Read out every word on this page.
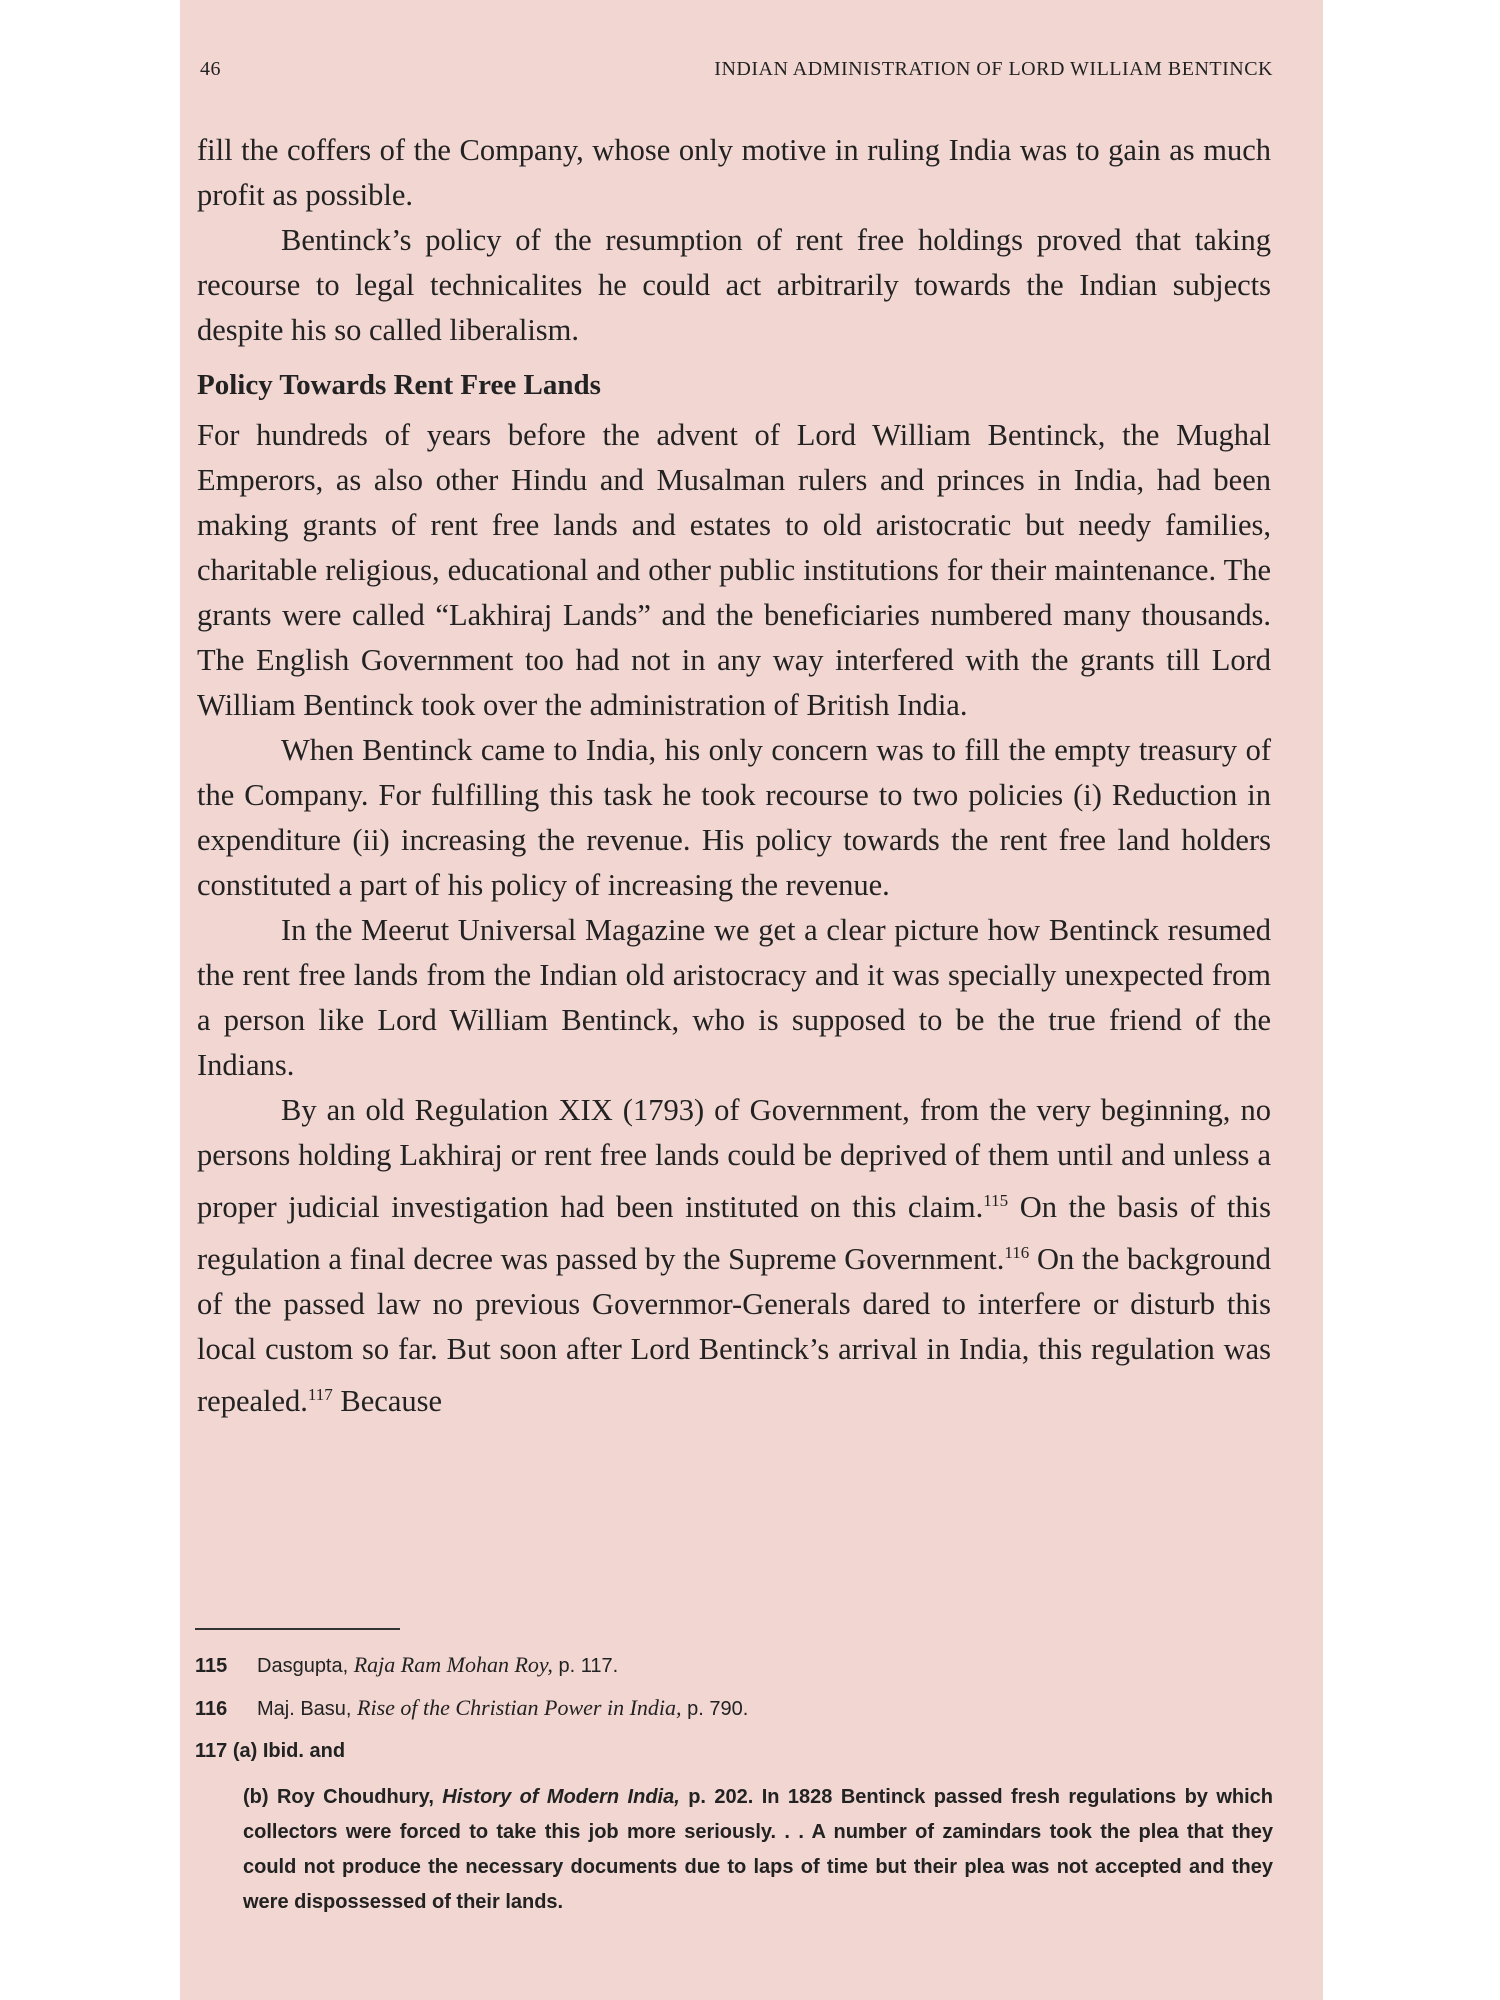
46	INDIAN ADMINISTRATION OF LORD WILLIAM BENTINCK

fill the coffers of the Company, whose only motive in ruling India was to gain as much profit as possible.

Bentinck’s policy of the resumption of rent free holdings proved that taking recourse to legal technicalites he could act arbitrarily towards the Indian subjects despite his so called liberalism.

Policy Towards Rent Free Lands

For hundreds of years before the advent of Lord William Bentinck, the Mughal Emperors, as also other Hindu and Musalman rulers and princes in India, had been making grants of rent free lands and estates to old aristocratic but needy families, charitable religious, educational and other public institutions for their maintenance. The grants were called “Lakhiraj Lands” and the beneficiaries numbered many thousands. The English Government too had not in any way interfered with the grants till Lord William Bentinck took over the administration of British India.

When Bentinck came to India, his only concern was to fill the empty treasury of the Company. For fulfilling this task he took recourse to two policies (i) Reduction in expenditure (ii) increasing the revenue. His policy towards the rent free land holders constituted a part of his policy of increasing the revenue.

In the Meerut Universal Magazine we get a clear picture how Bentinck resumed the rent free lands from the Indian old aristocracy and it was specially unexpected from a person like Lord William Bentinck, who is supposed to be the true friend of the Indians.

By an old Regulation XIX (1793) of Government, from the very beginning, no persons holding Lakhiraj or rent free lands could be deprived of them until and unless a proper judicial investigation had been instituted on this claim.$^{115}$ On the basis of this regulation a final decree was passed by the Supreme Government.$^{116}$ On the background of the passed law no previous Governmor-Generals dared to interfere or disturb this local custom so far. But soon after Lord Bentinck’s arrival in India, this regulation was repealed.$^{117}$ Because

115 Dasgupta, Raja Ram Mohan Roy, p. 117.
116 Maj. Basu, Rise of the Christian Power in India, p. 790.
117 (a) Ibid. and
(b) Roy Choudhury, History of Modern India, p. 202. In 1828 Bentinck passed fresh regulations by which collectors were forced to take this job more seriously. . . A number of zamindars took the plea that they could not produce the necessary documents due to laps of time but their plea was not accepted and they were dispossessed of their lands.
